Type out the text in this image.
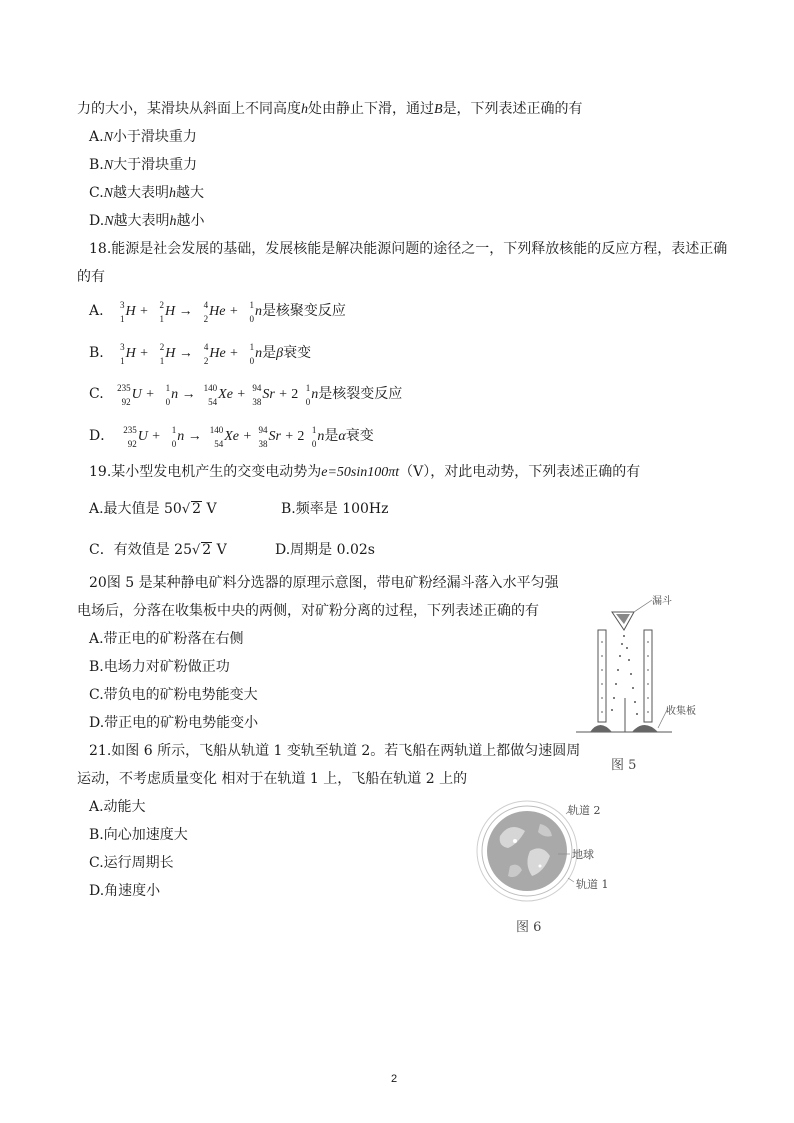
力的大小，某滑块从斜面上不同高度h处由静止下滑，通过B是，下列表述正确的有
A.N小于滑块重力
B.N大于滑块重力
C.N越大表明h越大
D.N越大表明h越小
18.能源是社会发展的基础，发展核能是解决能源问题的途径之一，下列释放核能的反应方程，表述正确
的有
A. 3
1 H + 2
1 H → 4
2 He + 1
0 n是核聚变反应
B. 3
1 H + 2
1 H → 4
2 He + 1
0 n是β衰变
C. 235
92 U + 1
0 n → 140
54 Xe + 94
38 Sr + 2 1
0 n是核裂变反应
D． 235
92 U + 1
0 n → 140
54 Xe + 94
38 Sr + 2 1
0 n是α衰变
19.某小型发电机产生的交变电动势为e=50sin100πt（V），对此电动势，下列表述正确的有
A.最大值是 50√ 2 V	B.频率是 100Hz
C．有效值是 25√ 2 V	D.周期是 0.02s
20图 5 是某种静电矿料分选器的原理示意图，带电矿粉经漏斗落入水平匀强
电场后，分落在收集板中央的两侧，对矿粉分离的过程，下列表述正确的有
A.带正电的矿粉落在右侧
B.电场力对矿粉做正功
C.带负电的矿粉电势能变大
D.带正电的矿粉电势能变小
漏斗
收集板
图 5
21.如图 6 所示，飞船从轨道 1 变轨至轨道 2。若飞船在两轨道上都做匀速圆周
运动，不考虑质量变化 相对于在轨道 1 上，飞船在轨道 2 上的
A.动能大
B.向心加速度大
C.运行周期长
D.角速度小
轨道 2
地球
轨道 1
图 6
2
